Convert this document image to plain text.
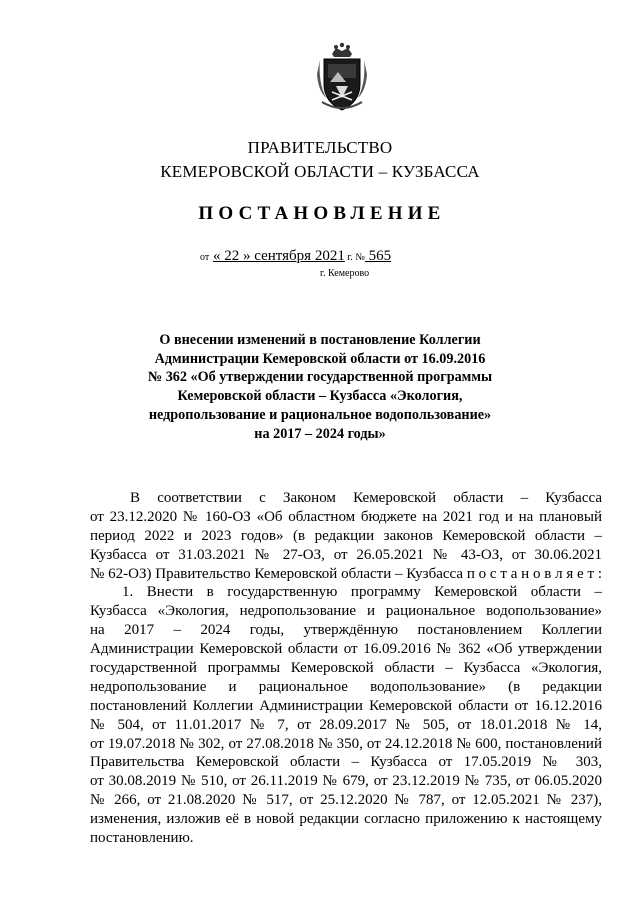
ПРАВИТЕЛЬСТВО
КЕМЕРОВСКОЙ ОБЛАСТИ – КУЗБАССА
ПОСТАНОВЛЕНИЕ
от « 22 » сентября 2021 г. № 565
г. Кемерово
О внесении изменений в постановление Коллегии
Администрации Кемеровской области от 16.09.2016
№ 362 «Об утверждении государственной программы
Кемеровской области – Кузбасса «Экология,
недропользование и рациональное водопользование»
на 2017 – 2024 годы»
В соответствии с Законом Кемеровской области – Кузбасса
от 23.12.2020 № 160-ОЗ «Об областном бюджете на 2021 год и на плановый
период 2022 и 2023 годов» (в редакции законов Кемеровской области –
Кузбасса от 31.03.2021 № 27-ОЗ, от 26.05.2021 № 43-ОЗ, от 30.06.2021
№ 62-ОЗ) Правительство Кемеровской области – Кузбасса п о с т а н о в л я е т :
1. Внести в государственную программу Кемеровской области –
Кузбасса «Экология, недропользование и рациональное водопользование»
на 2017 – 2024 годы, утверждённую постановлением Коллегии
Администрации Кемеровской области от 16.09.2016 № 362 «Об утверждении
государственной программы Кемеровской области – Кузбасса «Экология,
недропользование и рациональное водопользование» (в редакции
постановлений Коллегии Администрации Кемеровской области от 16.12.2016
№ 504, от 11.01.2017 № 7, от 28.09.2017 № 505, от 18.01.2018 № 14,
от 19.07.2018 № 302, от 27.08.2018 № 350, от 24.12.2018 № 600, постановлений
Правительства Кемеровской области – Кузбасса от 17.05.2019 № 303,
от 30.08.2019 № 510, от 26.11.2019 № 679, от 23.12.2019 № 735, от 06.05.2020
№ 266, от 21.08.2020 № 517, от 25.12.2020 № 787, от 12.05.2021 № 237),
изменения, изложив её в новой редакции согласно приложению к настоящему
постановлению.
